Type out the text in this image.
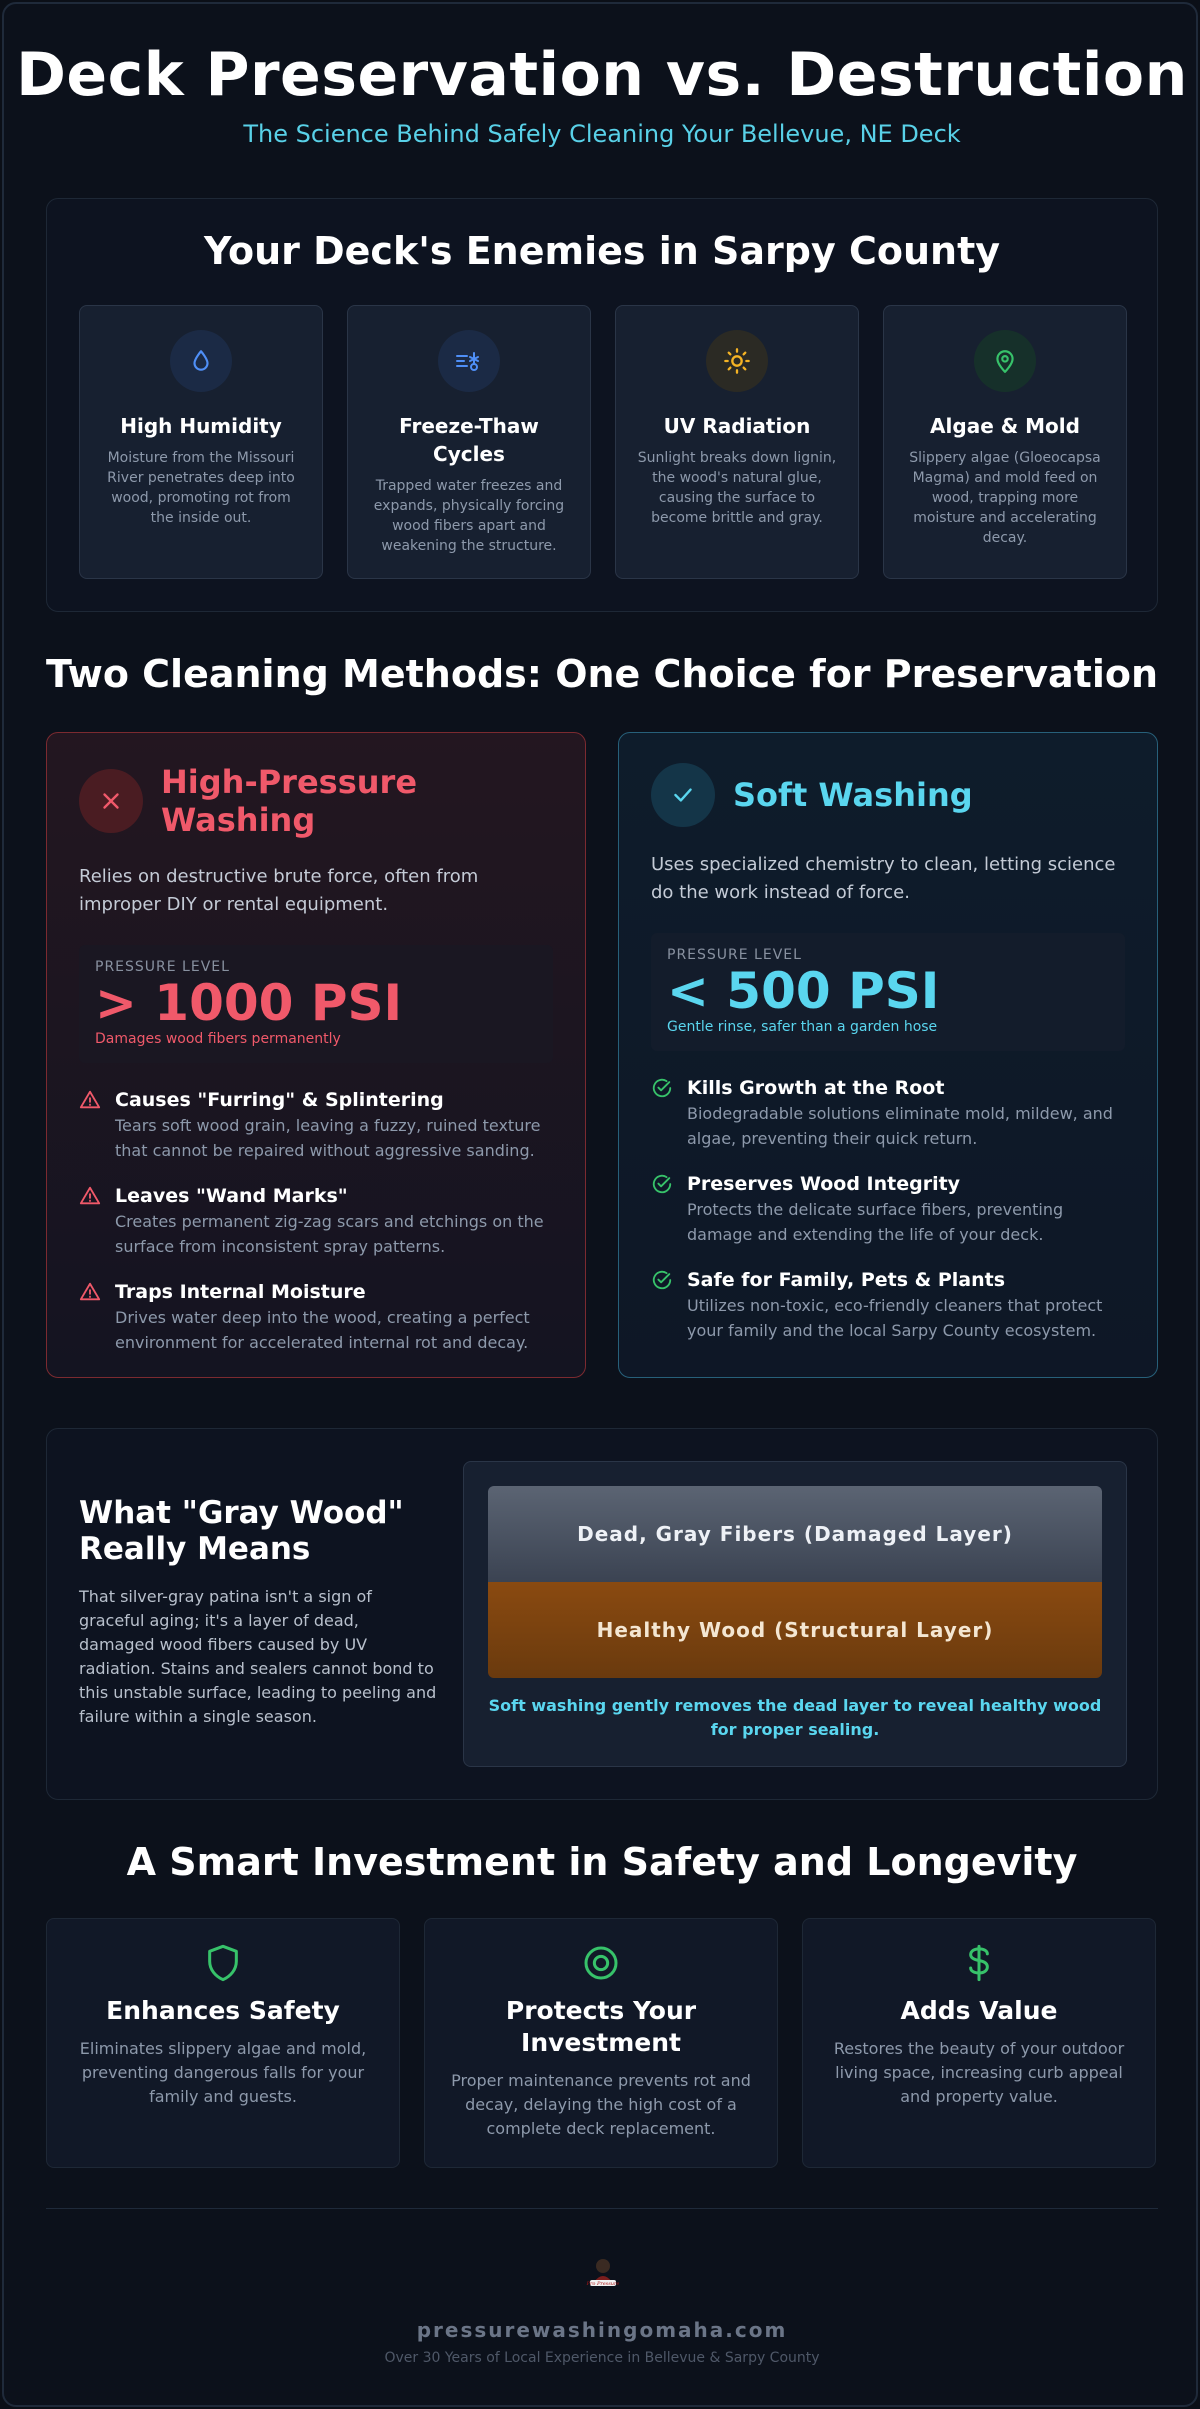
Deck Preservation vs. Destruction
The Science Behind Safely Cleaning Your Bellevue, NE Deck
Your Deck's Enemies in Sarpy County
High Humidity
Moisture from the Missouri River penetrates deep into wood, promoting rot from the inside out.
Freeze-Thaw Cycles
Trapped water freezes and expands, physically forcing wood fibers apart and weakening the structure.
UV Radiation
Sunlight breaks down lignin, the wood's natural glue, causing the surface to become brittle and gray.
Algae & Mold
Slippery algae (Gloeocapsa Magma) and mold feed on wood, trapping more moisture and accelerating decay.
Two Cleaning Methods: One Choice for Preservation
High-Pressure Washing
Relies on destructive brute force, often from improper DIY or rental equipment.
PRESSURE LEVEL
> 1000 PSI
Damages wood fibers permanently
Causes "Furring" & Splintering
Tears soft wood grain, leaving a fuzzy, ruined texture that cannot be repaired without aggressive sanding.
Leaves "Wand Marks"
Creates permanent zig-zag scars and etchings on the surface from inconsistent spray patterns.
Traps Internal Moisture
Drives water deep into the wood, creating a perfect environment for accelerated internal rot and decay.
Soft Washing
Uses specialized chemistry to clean, letting science do the work instead of force.
PRESSURE LEVEL
< 500 PSI
Gentle rinse, safer than a garden hose
Kills Growth at the Root
Biodegradable solutions eliminate mold, mildew, and algae, preventing their quick return.
Preserves Wood Integrity
Protects the delicate surface fibers, preventing damage and extending the life of your deck.
Safe for Family, Pets & Plants
Utilizes non-toxic, eco-friendly cleaners that protect your family and the local Sarpy County ecosystem.
What "Gray Wood" Really Means
That silver-gray patina isn't a sign of graceful aging; it's a layer of dead, damaged wood fibers caused by UV radiation. Stains and sealers cannot bond to this unstable surface, leading to peeling and failure within a single season.
Dead, Gray Fibers (Damaged Layer)
Healthy Wood (Structural Layer)
Soft washing gently removes the dead layer to reveal healthy wood for proper sealing.
A Smart Investment in Safety and Longevity
Enhances Safety
Eliminates slippery algae and mold, preventing dangerous falls for your family and guests.
Protects Your Investment
Proper maintenance prevents rot and decay, delaying the high cost of a complete deck replacement.
Adds Value
Restores the beauty of your outdoor living space, increasing curb appeal and property value.
Pro Pressure
pressurewashingomaha.com
Over 30 Years of Local Experience in Bellevue & Sarpy County
